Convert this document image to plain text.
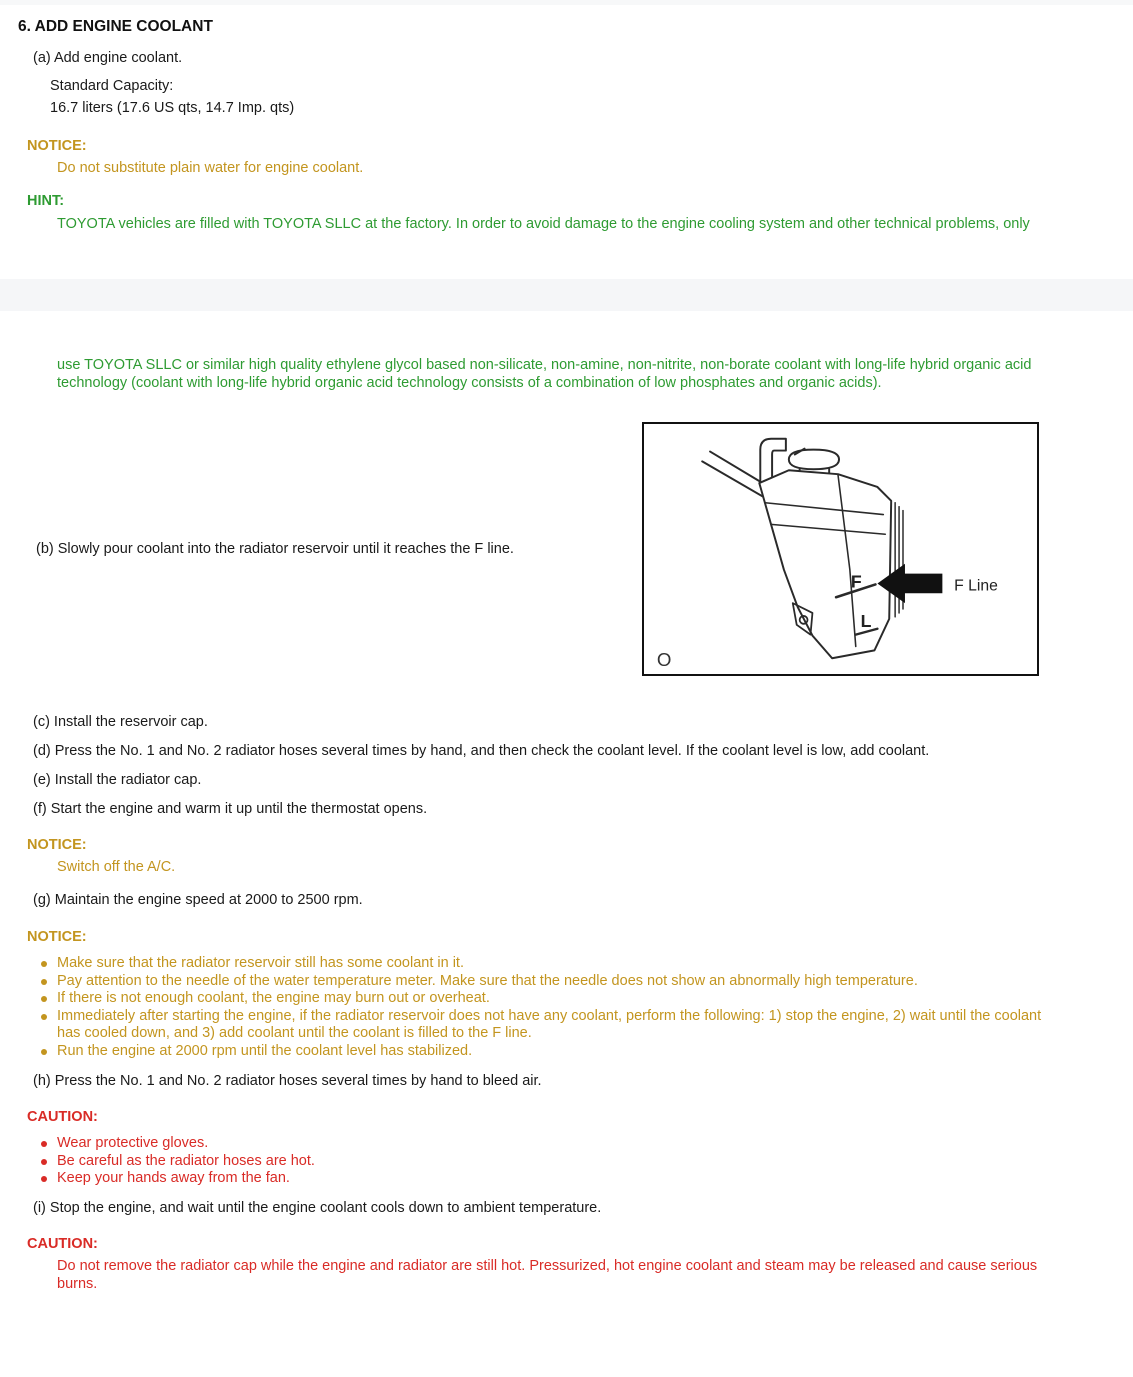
6. ADD ENGINE COOLANT

(a) Add engine coolant.

Standard Capacity:
16.7 liters (17.6 US qts, 14.7 Imp. qts)
NOTICE:
Do not substitute plain water for engine coolant.
HINT:
TOYOTA vehicles are filled with TOYOTA SLLC at the factory. In order to avoid damage to the engine cooling system and other technical problems, only

use TOYOTA SLLC or similar high quality ethylene glycol based non-silicate, non-amine, non-nitrite, non-borate coolant with long-life hybrid organic acid technology (coolant with long-life hybrid organic acid technology consists of a combination of low phosphates and organic acids).

(b) Slowly pour coolant into the radiator reservoir until it reaches the F line.

F
L
F Line
O

(c) Install the reservoir cap.

(d) Press the No. 1 and No. 2 radiator hoses several times by hand, and then check the coolant level. If the coolant level is low, add coolant.

(e) Install the radiator cap.

(f) Start the engine and warm it up until the thermostat opens.

NOTICE:
Switch off the A/C.

(g) Maintain the engine speed at 2000 to 2500 rpm.

NOTICE:
Make sure that the radiator reservoir still has some coolant in it.
Pay attention to the needle of the water temperature meter. Make sure that the needle does not show an abnormally high temperature.
If there is not enough coolant, the engine may burn out or overheat.
Immediately after starting the engine, if the radiator reservoir does not have any coolant, perform the following: 1) stop the engine, 2) wait until the coolant has cooled down, and 3) add coolant until the coolant is filled to the F line.
Run the engine at 2000 rpm until the coolant level has stabilized.

(h) Press the No. 1 and No. 2 radiator hoses several times by hand to bleed air.

CAUTION:
Wear protective gloves.
Be careful as the radiator hoses are hot.
Keep your hands away from the fan.

(i) Stop the engine, and wait until the engine coolant cools down to ambient temperature.

CAUTION:
Do not remove the radiator cap while the engine and radiator are still hot. Pressurized, hot engine coolant and steam may be released and cause serious burns.
